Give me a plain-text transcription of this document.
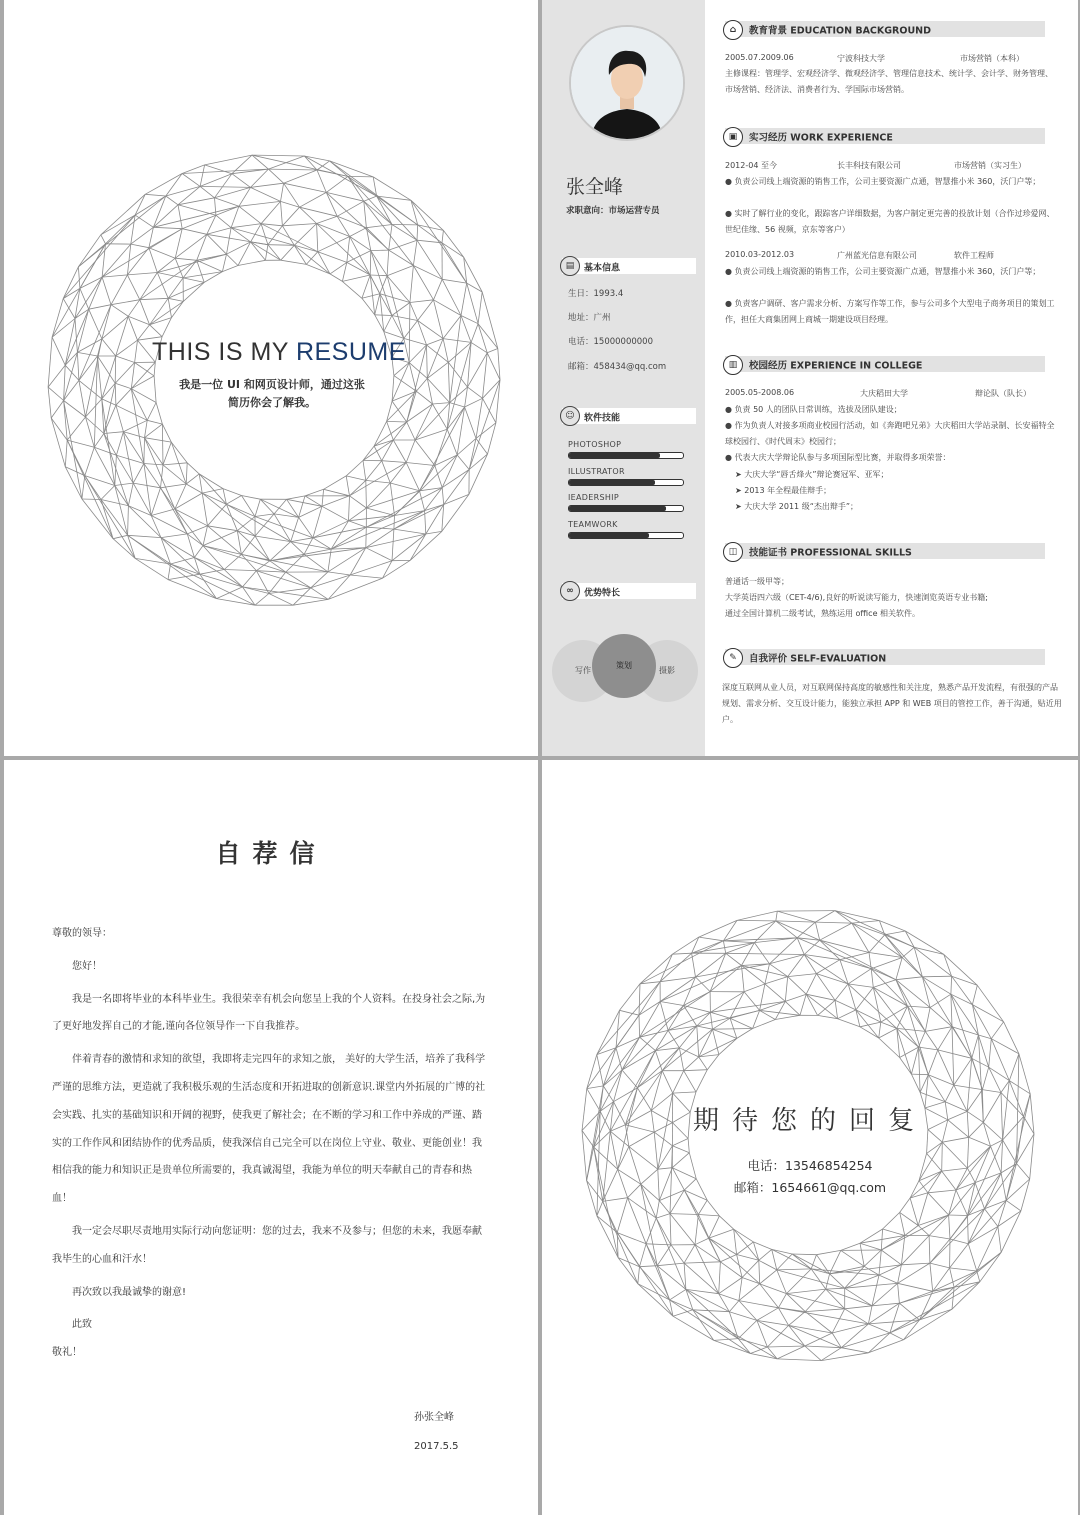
THIS IS MY RESUME
我是一位 UI 和网页设计师，通过这张
简历你会了解我。
张全峰
求职意向：市场运营专员
▤ 基本信息
生日：1993.4
地址：广州
电话：15000000000
邮箱：458434@qq.com
☺ 软件技能
PHOTOSHOP
ILLUSTRATOR
IEADERSHIP
TEAMWORK
∞ 优势特长
写作	摄影
策划
⌂ 教育背景 EDUCATION BACKGROUND
2005.07.2009.06	宁波科技大学	市场营销（本科）
主修课程：管理学、宏观经济学、微观经济学、管理信息技术、统计学、会计学、财务管理、市场营销、经济法、消费者行为、学国际市场营销。
▣ 实习经历 WORK EXPERIENCE
2012-04 至今	长丰科技有限公司	市场营销（实习生）
● 负责公司线上端资源的销售工作，公司主要资源广点通，智慧推小米 360，沃门户等；
● 实时了解行业的变化，跟踪客户详细数据，为客户制定更完善的投放计划（合作过珍爱网、世纪佳缘、56 视频，京东等客户）
2010.03-2012.03	广州蓝光信息有限公司	软件工程师
● 负责公司线上端资源的销售工作，公司主要资源广点通，智慧推小米 360，沃门户等；
● 负责客户调研、客户需求分析、方案写作等工作，参与公司多个大型电子商务项目的策划工作，担任大商集团网上商城一期建设项目经理。
▥ 校园经历 EXPERIENCE IN COLLEGE
2005.05-2008.06	大庆稻田大学	辩论队（队长）
● 负责 50 人的团队日常训练，选拔及团队建设；
● 作为负责人对接多项商业校园行活动，如《奔跑吧兄弟》大庆稻田大学站录制、长安福特全球校园行、《时代周末》校园行；
● 代表大庆大学辩论队参与多项国际型比赛，并取得多项荣誉：
➤ 大庆大学“唇舌烽火”辩论赛冠军、亚军；
➤ 2013 年全程最佳辩手；
➤ 大庆大学 2011 级“杰出辩手”；
◫ 技能证书 PROFESSIONAL SKILLS
普通话一级甲等；
大学英语四六级（CET-4/6),良好的听说读写能力，快速浏览英语专业书籍;
通过全国计算机二级考试，熟练运用 office 相关软件。
✎ 自我评价 SELF-EVALUATION
深度互联网从业人员，对互联网保持高度的敏感性和关注度，熟悉产品开发流程，有很强的产品规划、需求分析、交互设计能力，能独立承担 APP 和 WEB 项目的管控工作，善于沟通，贴近用户。
自荐信

尊敬的领导：

您好！

我是一名即将毕业的本科毕业生。我很荣幸有机会向您呈上我的个人资料。在投身社会之际,为了更好地发挥自己的才能,谨向各位领导作一下自我推荐。

伴着青春的激情和求知的欲望，我即将走完四年的求知之旅， 美好的大学生活，培养了我科学严谨的思维方法，更造就了我积极乐观的生活态度和开拓进取的创新意识.课堂内外拓展的广博的社会实践、扎实的基础知识和开阔的视野，使我更了解社会；在不断的学习和工作中养成的严谨、踏实的工作作风和团结协作的优秀品质，使我深信自己完全可以在岗位上守业、敬业、更能创业！我相信我的能力和知识正是贵单位所需要的，我真诚渴望，我能为单位的明天奉献自己的青春和热血！

我一定会尽职尽责地用实际行动向您证明：您的过去，我来不及参与；但您的未来，我愿奉献我毕生的心血和汗水！

再次致以我最诚挚的谢意!

此致

敬礼！

孙张全峰
2017.5.5
期待您的回复
电话：13546854254
邮箱：1654661@qq.com
